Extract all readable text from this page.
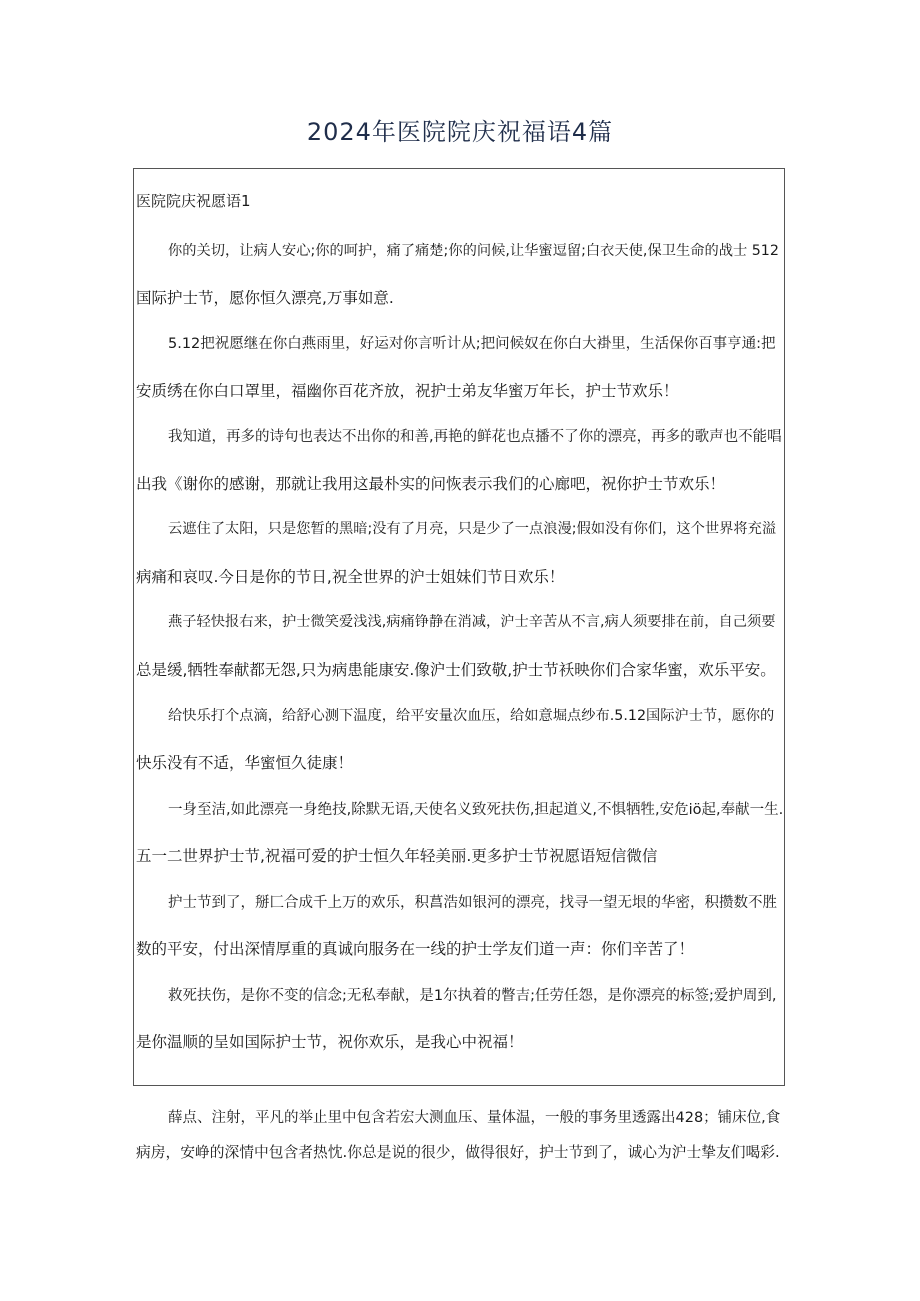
2024年医院院庆祝福语4篇
医院院庆祝愿语1
你的关切，让病人安心;你的呵护，痛了痛楚;你的问候,让华蜜逗留;白衣天使,保卫生命的战士 512
国际护士节，愿你恒久漂亮,万事如意.
5.12把祝愿继在你白燕雨里，好运对你言听计从;把问候奴在你白大褂里，生活保你百事亨通:把
安质绣在你白口罩里，福幽你百花齐放，祝护士弟友华蜜万年长，护士节欢乐！
我知道，再多的诗句也表达不出你的和善,再艳的鲜花也点播不了你的漂亮，再多的歌声也不能唱
出我《谢你的感谢，那就让我用这最朴实的问恢表示我们的心廊吧，祝你护士节欢乐！
云遮住了太阳，只是您暂的黑暗;没有了月亮，只是少了一点浪漫;假如没有你们，这个世界将充溢
病痛和哀叹.今日是你的节日,祝全世界的沪士姐妹们节日欢乐！
燕子轻快报右来，护士微笑爱浅浅,病痛铮静在消减，沪士辛苦从不言,病人须要排在前，自己须要
总是缓,牺牲奉献都无怨,只为病患能康安.像沪士们致敬,护士节袄映你们合家华蜜，欢乐平安。
给快乐打个点滴，给舒心测下温度，给平安量次血压，给如意堀点纱布.5.12国际沪士节，愿你的
快乐没有不适，华蜜恒久徒康！
一身至洁,如此漂亮一身绝技,除默无语,天使名义致死扶伤,担起道义,不惧牺牲,安危iö起,奉献一生.
五一二世界护士节,祝福可爱的护士恒久年轻美丽.更多护士节祝愿语短信微信
护士节到了，掰匚合成千上万的欢乐，积菖浩如银河的漂亮，找寻一望无垠的华密，积攒数不胜
数的平安，付出深情厚重的真诚向服务在一线的护士学友们道一声：你们辛苦了！
救死扶伤，是你不变的信念;无私奉献，是1尔执着的瞥吉;任劳任怨，是你漂亮的标签;爱护周到,
是你温顺的呈如国际护士节，祝你欢乐，是我心中祝福！
薛点、注射，平凡的举止里中包含若宏大测血压、量体温，一般的事务里透露出428；铺床位,食
病房，安峥的深情中包含者热忱.你总是说的很少，做得很好，护士节到了，诚心为沪士挚友们喝彩.
